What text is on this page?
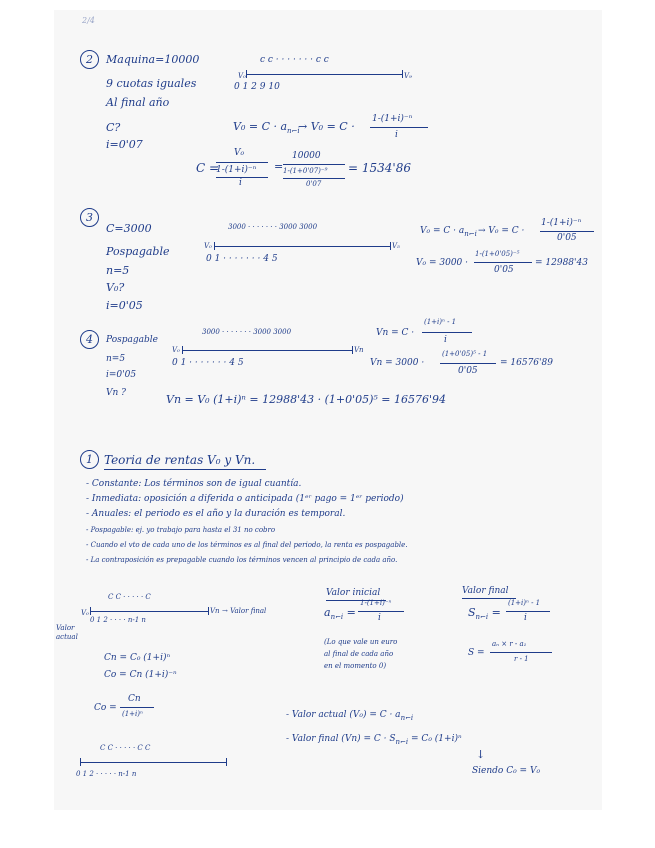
2/4
2	Maquina=10000
9 cuotas iguales
Al final año
C?
i=0'07
c c · · · · · · · c c
V₀	V₉
0 1 2 9 10
$V_0 = C \cdot a_{n⌐i}$
→ V₀ = C ·
1-(1+i)⁻ⁿ
i
C =
V₀
1-(1+i)⁻ⁿ
i
=
10000
1-(1+0'07)⁻⁹
0'07
= 1534'86
3
C=3000
Pospagable
n=5
V₀?
i=0'05
3000 · · · · · · · 3000 3000
V₀	V₅
0 1 · · · · · · · 4 5
$V_0 = C \cdot a_{n⌐i} \to V_0 = C$ ·
1-(1+i)⁻ⁿ
0'05
V₀ = 3000 ·
1-(1+0'05)⁻⁵
0'05
= 12988'43
4	Pospagable
n=5
i=0'05
Vn ?
3000 · · · · · · · 3000 3000
V₀	Vn
0 1 · · · · · · · 4 5
Vn = C ·
(1+i)ⁿ - 1
i
Vn = 3000 ·
(1+0'05)⁵ - 1
0'05
= 16576'89
Vn = V₀ (1+i)ⁿ = 12988'43 · (1+0'05)⁵ = 16576'94
1 Teoria de rentas V₀ y Vn.
- Constante: Los términos son de igual cuantía.
- Inmediata: oposición a diferida o anticipada (1ᵉʳ pago = 1ᵉʳ periodo)
- Anuales: el periodo es el año y la duración es temporal.
- Pospagable: ej. yo trabajo para hasta el 31 no cobro
- Cuando el vto de cada uno de los términos es al final del periodo, la renta es pospagable.
- La contraposición es prepagable cuando los términos vencen al principio de cada año.
C C · · · · · C
V₀	Vn → Valor final
0 1 2 · · · · n-1 n
Valor
actual
Valor inicial
$a_{n⌐i}$ =
1-(1+i)⁻ⁿ
i
(Lo que vale un euro
al final de cada año
en el momento 0)
Valor final
$S_{n⌐i}$ =
(1+i)ⁿ - 1
i
S =
aₙ × r - a₁
r - 1
Cn = C₀ (1+i)ⁿ
Co = Cn (1+i)⁻ⁿ
Co =
Cn
(1+i)ⁿ	- Valor actual $(V_0) = C \cdot a_{n⌐i}$
- Valor final $(Vn) = C \cdot S_{n⌐i} = C_0$ (1+i)ⁿ
↓
Siendo C₀ = V₀
C C · · · · · C C
0 1 2 · · · · · n-1 n
